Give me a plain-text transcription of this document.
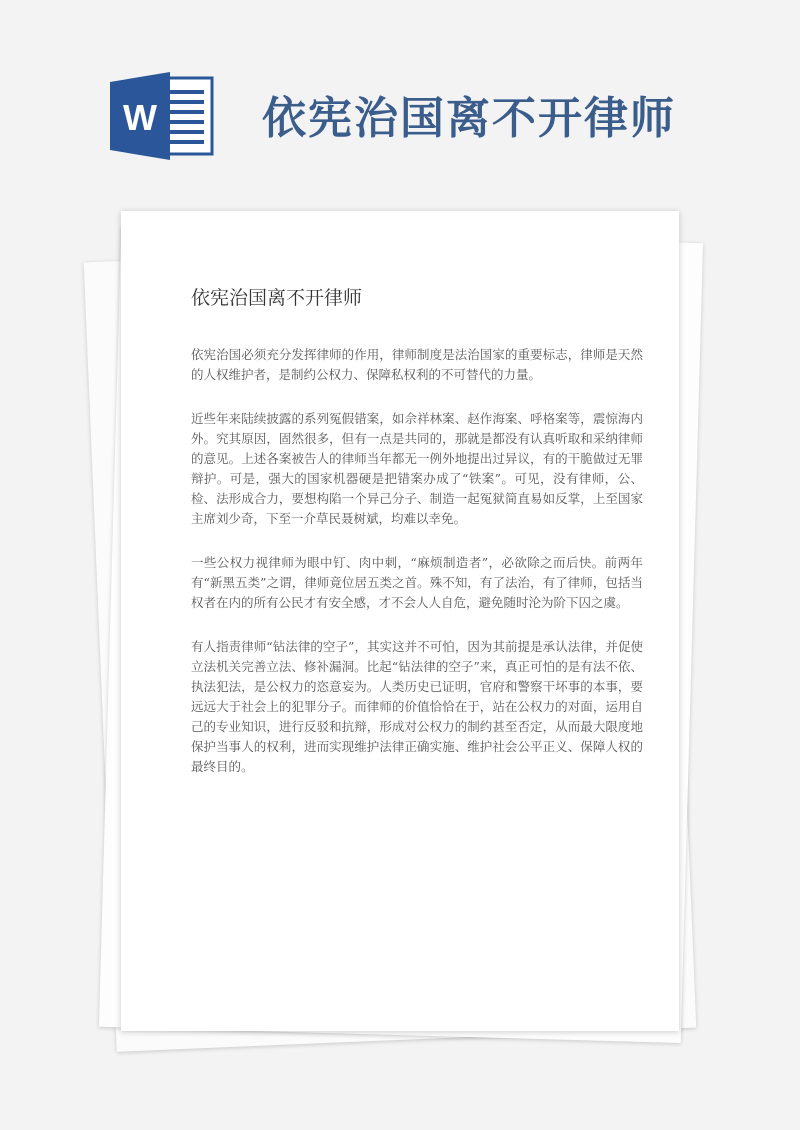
W 依宪治国离不开律师
依宪治国离不开律师

依宪治国必须充分发挥律师的作用，律师制度是法治国家的重要标志，律师是天然的人权维护者，是制约公权力、保障私权利的不可替代的力量。

近些年来陆续披露的系列冤假错案，如佘祥林案、赵作海案、呼格案等，震惊海内外。究其原因，固然很多，但有一点是共同的，那就是都没有认真听取和采纳律师的意见。上述各案被告人的律师当年都无一例外地提出过异议，有的干脆做过无罪辩护。可是，强大的国家机器硬是把错案办成了“铁案”。可见，没有律师，公、检、法形成合力，要想构陷一个异己分子、制造一起冤狱简直易如反掌，上至国家主席刘少奇，下至一介草民聂树斌，均难以幸免。

一些公权力视律师为眼中钉、肉中刺，“麻烦制造者”，必欲除之而后快。前两年有“新黑五类”之谓，律师竟位居五类之首。殊不知，有了法治，有了律师，包括当权者在内的所有公民才有安全感，才不会人人自危，避免随时沦为阶下囚之虞。

有人指责律师“钻法律的空子”，其实这并不可怕，因为其前提是承认法律，并促使立法机关完善立法、修补漏洞。比起“钻法律的空子”来，真正可怕的是有法不依、执法犯法，是公权力的恣意妄为。人类历史已证明，官府和警察干坏事的本事，要远远大于社会上的犯罪分子。而律师的价值恰恰在于，站在公权力的对面，运用自己的专业知识，进行反驳和抗辩，形成对公权力的制约甚至否定，从而最大限度地保护当事人的权利，进而实现维护法律正确实施、维护社会公平正义、保障人权的最终目的。
